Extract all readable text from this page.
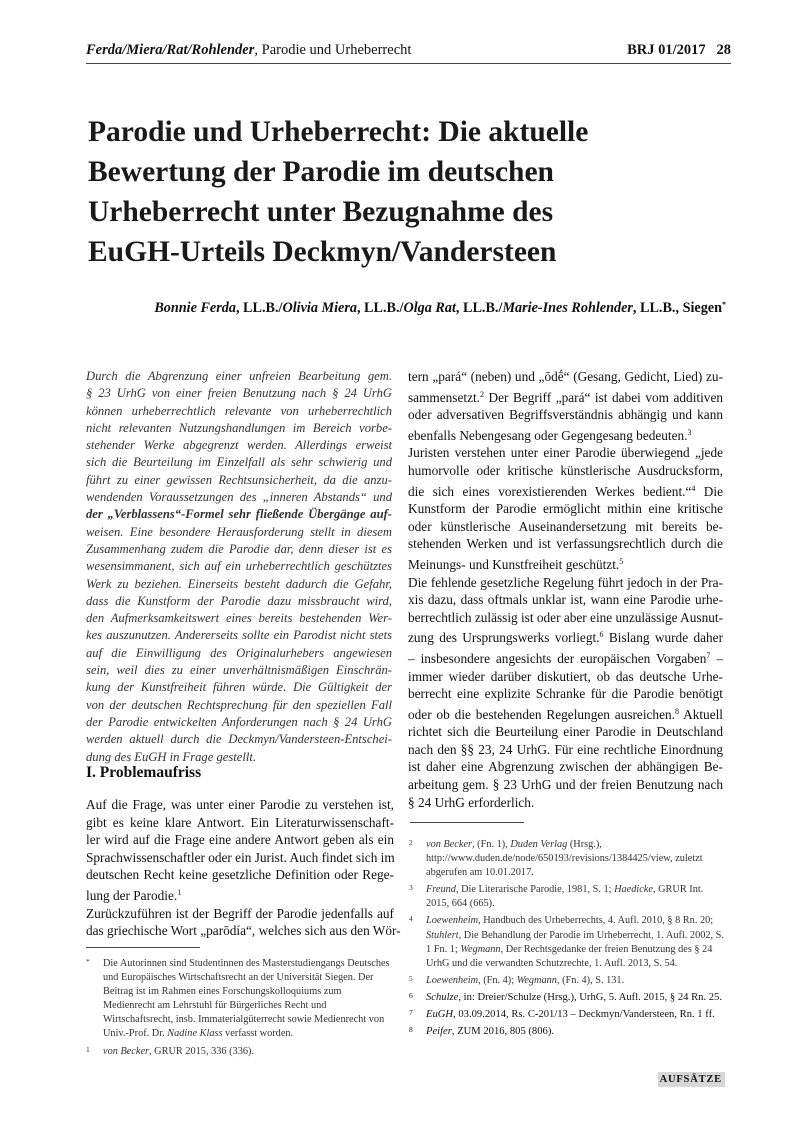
Ferda/Miera/Rat/Rohlender, Parodie und Urheberrecht	BRJ 01/2017 28
Parodie und Urheberrecht: Die aktuelle
Bewertung der Parodie im deutschen
Urheberrecht unter Bezugnahme des
EuGH-Urteils Deckmyn/Vandersteen
Bonnie Ferda, LL.B./Olivia Miera, LL.B./Olga Rat, LL.B./Marie-Ines Rohlender, LL.B., Siegen*
Durch die Abgrenzung einer unfreien Bearbeitung gem.
§ 23 UrhG von einer freien Benutzung nach § 24 UrhG
können urheberrechtlich relevante von urheberrechtlich
nicht relevanten Nutzungshandlungen im Bereich vorbe-
stehender Werke abgegrenzt werden. Allerdings erweist
sich die Beurteilung im Einzelfall als sehr schwierig und
führt zu einer gewissen Rechtsunsicherheit, da die anzu-
wendenden Voraussetzungen des „inneren Abstands“ und
der „Verblassens“-Formel sehr fließende Übergänge auf-
weisen. Eine besondere Herausforderung stellt in diesem
Zusammenhang zudem die Parodie dar, denn dieser ist es
wesensimmanent, sich auf ein urheberrechtlich geschütztes
Werk zu beziehen. Einerseits besteht dadurch die Gefahr,
dass die Kunstform der Parodie dazu missbraucht wird,
den Aufmerksamkeitswert eines bereits bestehenden Wer-
kes auszunutzen. Andererseits sollte ein Parodist nicht stets
auf die Einwilligung des Originalurhebers angewiesen
sein, weil dies zu einer unverhältnismäßigen Einschrän-
kung der Kunstfreiheit führen würde. Die Gültigkeit der
von der deutschen Rechtsprechung für den speziellen Fall
der Parodie entwickelten Anforderungen nach § 24 UrhG
werden aktuell durch die Deckmyn/Vandersteen-Entschei-
dung des EuGH in Frage gestellt.
tern „pará“ (neben) und „ōdḗ“ (Gesang, Gedicht, Lied) zu-
sammensetzt.$^2$ Der Begriff „pará“ ist dabei vom additiven
oder adversativen Begriffsverständnis abhängig und kann
ebenfalls Nebengesang oder Gegengesang bedeuten.$^3$
Juristen verstehen unter einer Parodie überwiegend „jede
humorvolle oder kritische künstlerische Ausdrucksform,
die sich eines vorexistierenden Werkes bedient.“$^4$ Die
Kunstform der Parodie ermöglicht mithin eine kritische
oder künstlerische Auseinandersetzung mit bereits be-
stehenden Werken und ist verfassungsrechtlich durch die
Meinungs- und Kunstfreiheit geschützt.$^5$
Die fehlende gesetzliche Regelung führt jedoch in der Pra-
xis dazu, dass oftmals unklar ist, wann eine Parodie urhe-
berrechtlich zulässig ist oder aber eine unzulässige Ausnut-
zung des Ursprungswerks vorliegt.$^6$ Bislang wurde daher
– insbesondere angesichts der europäischen Vorgaben$^7$ –
immer wieder darüber diskutiert, ob das deutsche Urhe-
berrecht eine explizite Schranke für die Parodie benötigt
oder ob die bestehenden Regelungen ausreichen.$^8$ Aktuell
richtet sich die Beurteilung einer Parodie in Deutschland
nach den §§ 23, 24 UrhG. Für eine rechtliche Einordnung
ist daher eine Abgrenzung zwischen der abhängigen Be-
arbeitung gem. § 23 UrhG und der freien Benutzung nach
§ 24 UrhG erforderlich.
I. Problemaufriss
Auf die Frage, was unter einer Parodie zu verstehen ist,
gibt es keine klare Antwort. Ein Literaturwissenschaft-
ler wird auf die Frage eine andere Antwort geben als ein
Sprachwissenschaftler oder ein Jurist. Auch findet sich im
deutschen Recht keine gesetzliche Definition oder Rege-
lung der Parodie.$^1$
Zurückzuführen ist der Begriff der Parodie jedenfalls auf
das griechische Wort „parōdía“, welches sich aus den Wör-
2 von Becker, (Fn. 1), Duden Verlag (Hrsg.), http://www.duden.de/node/650193/revisions/1384425/view, zuletzt abgerufen am 10.01.2017.
3 Freund, Die Literarische Parodie, 1981, S. 1; Haedicke, GRUR Int. 2015, 664 (665).
4 Loewenheim, Handbuch des Urheberrechts, 4. Aufl. 2010, § 8 Rn. 20; Stuhlert, Die Behandlung der Parodie im Urheberrecht, 1. Aufl. 2002, S. 1 Fn. 1; Wegmann, Der Rechtsgedanke der freien Benutzung des § 24 UrhG und die verwandten Schutzrechte, 1. Aufl. 2013, S. 54.
5 Loewenheim, (Fn. 4); Wegmann, (Fn. 4), S. 131.
6 Schulze, in: Dreier/Schulze (Hrsg.), UrhG, 5. Aufl. 2015, § 24 Rn. 25.
7 EuGH, 03.09.2014, Rs. C-201/13 – Deckmyn/Vandersteen, Rn. 1 ff.
8 Peifer, ZUM 2016, 805 (806).
* Die Autorinnen sind Studentinnen des Masterstudiengangs Deutsches und Europäisches Wirtschaftsrecht an der Universität Siegen. Der Beitrag ist im Rahmen eines Forschungskolloquiums zum Medienrecht am Lehrstuhl für Bürgerliches Recht und Wirtschaftsrecht, insb. Immaterialgüterrecht sowie Medienrecht von Univ.-Prof. Dr. Nadine Klass verfasst worden.
1 von Becker, GRUR 2015, 336 (336).
AUFSÄTZE
